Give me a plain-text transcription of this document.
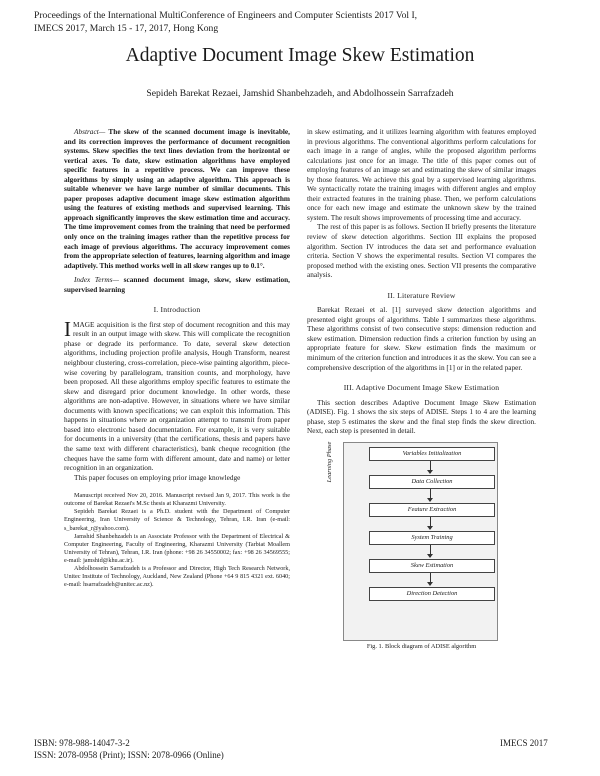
Proceedings of the International MultiConference of Engineers and Computer Scientists 2017 Vol I,
IMECS 2017, March 15 - 17, 2017, Hong Kong
Adaptive Document Image Skew Estimation
Sepideh Barekat Rezaei, Jamshid Shanbehzadeh, and Abdolhossein Sarrafzadeh

Abstract— The skew of the scanned document image is inevitable, and its correction improves the performance of document recognition systems. Skew specifies the text lines deviation from the horizontal or vertical axes. To date, skew estimation algorithms have employed specific features in a repetitive process. We can improve these algorithms by simply using an adaptive algorithm. This approach is suitable whenever we have large number of similar documents. This paper proposes adaptive document image skew estimation algorithm using the features of existing methods and supervised learning. This approach significantly improves the skew estimation time and accuracy. The time improvement comes from the training that need be performed only once on the training images rather than the repetitive process for each image of previous algorithms. The accuracy improvement comes from the appropriate selection of features, learning algorithm and image adaptively. This method works well in all skew ranges up to 0.1°.

Index Terms— scanned document image, skew, skew estimation, supervised learning

I. Introduction

IMAGE acquisition is the first step of document recognition and this may result in an output image with skew. This will complicate the recognition phase or degrade its performance. To date, several skew detection algorithms, including projection profile analysis, Hough Transform, nearest neighbour clustering, cross-correlation, piece-wise painting algorithm, piece-wise covering by parallelogram, transition counts, and morphology, have been proposed. All these algorithms employ specific features to estimate the skew and disregard prior document knowledge. In other words, these algorithms are non-adaptive. However, in situations where we have similar documents with known specifications; we can exploit this information. This happens in situations where an organization attempt to transmit from paper based into electronic based documentation. For example, it is very suitable for documents in a university (that the certifications, thesis and papers have the same text with different characteristics), bank cheque recognition (the cheques have the same form with different amount, date and name) or letter recognition in an organization.

This paper focuses on employing prior image knowledge

Manuscript received Nov 20, 2016. Manuscript revised Jan 9, 2017. This work is the outcome of Barekat Rezaei's M.Sc thesis at Kharazmi University.

Sepideh Barekat Rezaei is a Ph.D. student with the Department of Computer Engineering, Iran University of Science & Technology, Tehran, I.R. Iran (e-mail: s_barekat_r@yahoo.com).

Jamshid Shanbehzadeh is an Associate Professor with the Department of Electrical & Computer Engineering, Faculty of Engineering, Kharazmi University (Tarbiat Moallem University of Tehran), Tehran, I.R. Iran (phone: +98 26 34550002; fax: +98 26 34569555; e-mail: jamshid@khu.ac.ir).

Abdolhossein Sarrafzadeh is a Professor and Director, High Tech Research Network, Unitec Institute of Technology, Auckland, New Zealand (Phone +64 9 815 4321 ext. 6040; e-mail: hsarrafzadeh@unitec.ac.nz).

in skew estimating, and it utilizes learning algorithm with features employed in previous algorithms. The conventional algorithms perform calculations for each image in a range of angles, while the proposed algorithm performs calculations just once for an image. The title of this paper comes out of employing features of an image set and estimating the skew of similar images by those features. We achieve this goal by a supervised learning algorithms. We syntactically rotate the training images with different angles and employ their extracted features in the training phase. Then, we perform calculations once for each new image and estimate the unknown skew by the trained system. The result shows improvements of processing time and accuracy.

The rest of this paper is as follows. Section II briefly presents the literature review of skew detection algorithms. Section III explains the proposed algorithm. Section IV introduces the data set and performance evaluation criteria. Section V shows the experimental results. Section VI compares the proposed method with the existing ones. Section VII presents the comparative analysis.

II. Literature Review

Barekat Rezaei et al. [1] surveyed skew detection algorithms and presented eight groups of algorithms. Table I summarizes these algorithms. These algorithms consist of two consecutive steps: dimension reduction and skew estimation. Dimension reduction finds a criterion function by using an appropriate feature for skew. Skew estimation finds the maximum or minimum of the criterion function and introduces it as the skew. You can see a comprehensive description of the algorithms in [1] or in the related paper.

III. Adaptive Document Image Skew Estimation

This section describes Adaptive Document Image Skew Estimation (ADISE). Fig. 1 shows the six steps of ADISE. Steps 1 to 4 are the learning phase, step 5 estimates the skew and the final step finds the skew direction. Next, each step is presented in detail.

Learning Phase	Variables Initialization
Data Collection
Feature Extraction
System Training
Skew Estimation
Direction Detection
Fig. 1. Block diagram of ADISE algorithm
ISBN: 978-988-14047-3-2
ISSN: 2078-0958 (Print); ISSN: 2078-0966 (Online)
IMECS 2017
